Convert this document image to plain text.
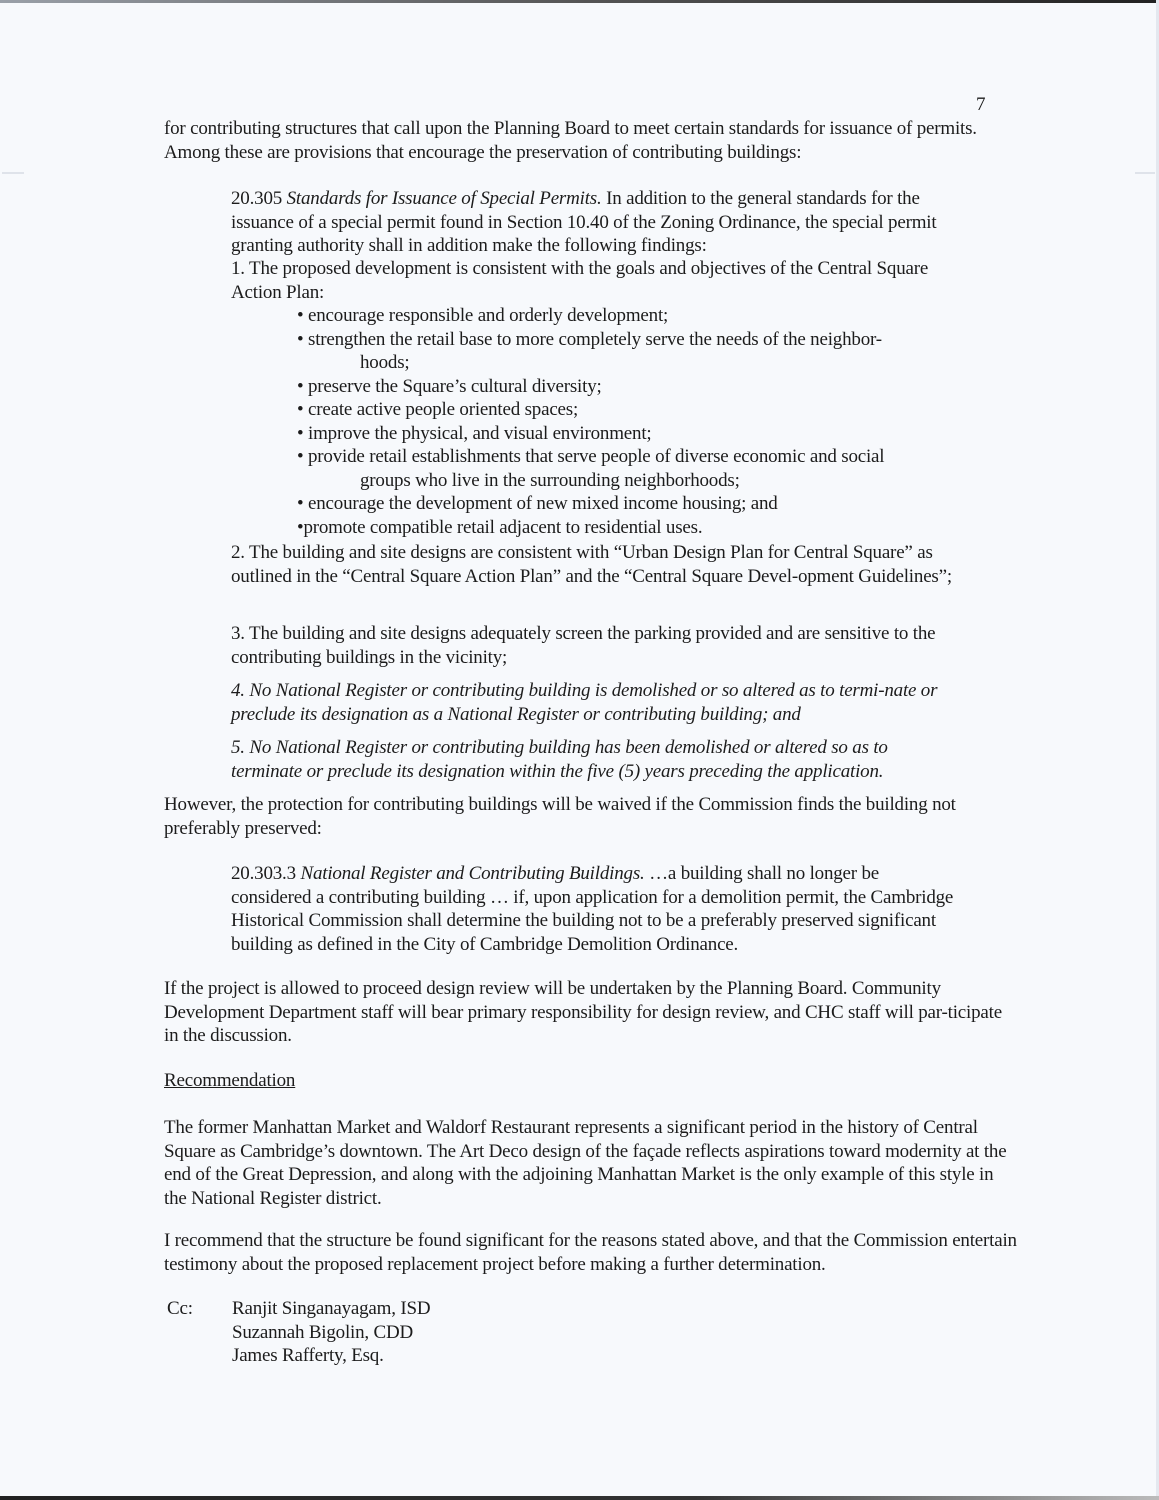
7

for contributing structures that call upon the Planning Board to meet certain standards for issuance of permits. Among these are provisions that encourage the preservation of contributing buildings:

20.305 Standards for Issuance of Special Permits. In addition to the general standards for the issuance of a special permit found in Section 10.40 of the Zoning Ordinance, the special permit granting authority shall in addition make the following findings:

1. The proposed development is consistent with the goals and objectives of the Central Square Action Plan:

• encourage responsible and orderly development;
• strengthen the retail base to more completely serve the needs of the neighbor-
hoods;
• preserve the Square’s cultural diversity;
• create active people oriented spaces;
• improve the physical, and visual environment;
• provide retail establishments that serve people of diverse economic and social
groups who live in the surrounding neighborhoods;
• encourage the development of new mixed income housing; and
•promote compatible retail adjacent to residential uses.

2. The building and site designs are consistent with “Urban Design Plan for Central Square” as outlined in the “Central Square Action Plan” and the “Central Square Devel-opment Guidelines”;

3. The building and site designs adequately screen the parking provided and are sensitive to the contributing buildings in the vicinity;

4. No National Register or contributing building is demolished or so altered as to termi-nate or preclude its designation as a National Register or contributing building; and

5. No National Register or contributing building has been demolished or altered so as to terminate or preclude its designation within the five (5) years preceding the application.

However, the protection for contributing buildings will be waived if the Commission finds the building not preferably preserved:

20.303.3 National Register and Contributing Buildings. …a building shall no longer be considered a contributing building … if, upon application for a demolition permit, the Cambridge Historical Commission shall determine the building not to be a preferably preserved significant building as defined in the City of Cambridge Demolition Ordinance.

If the project is allowed to proceed design review will be undertaken by the Planning Board. Community Development Department staff will bear primary responsibility for design review, and CHC staff will par-ticipate in the discussion.

Recommendation

The former Manhattan Market and Waldorf Restaurant represents a significant period in the history of Central Square as Cambridge’s downtown. The Art Deco design of the façade reflects aspirations toward modernity at the end of the Great Depression, and along with the adjoining Manhattan Market is the only example of this style in the National Register district.

I recommend that the structure be found significant for the reasons stated above, and that the Commission entertain testimony about the proposed replacement project before making a further determination.

Cc: Ranjit Singanayagam, ISD
Suzannah Bigolin, CDD
James Rafferty, Esq.
